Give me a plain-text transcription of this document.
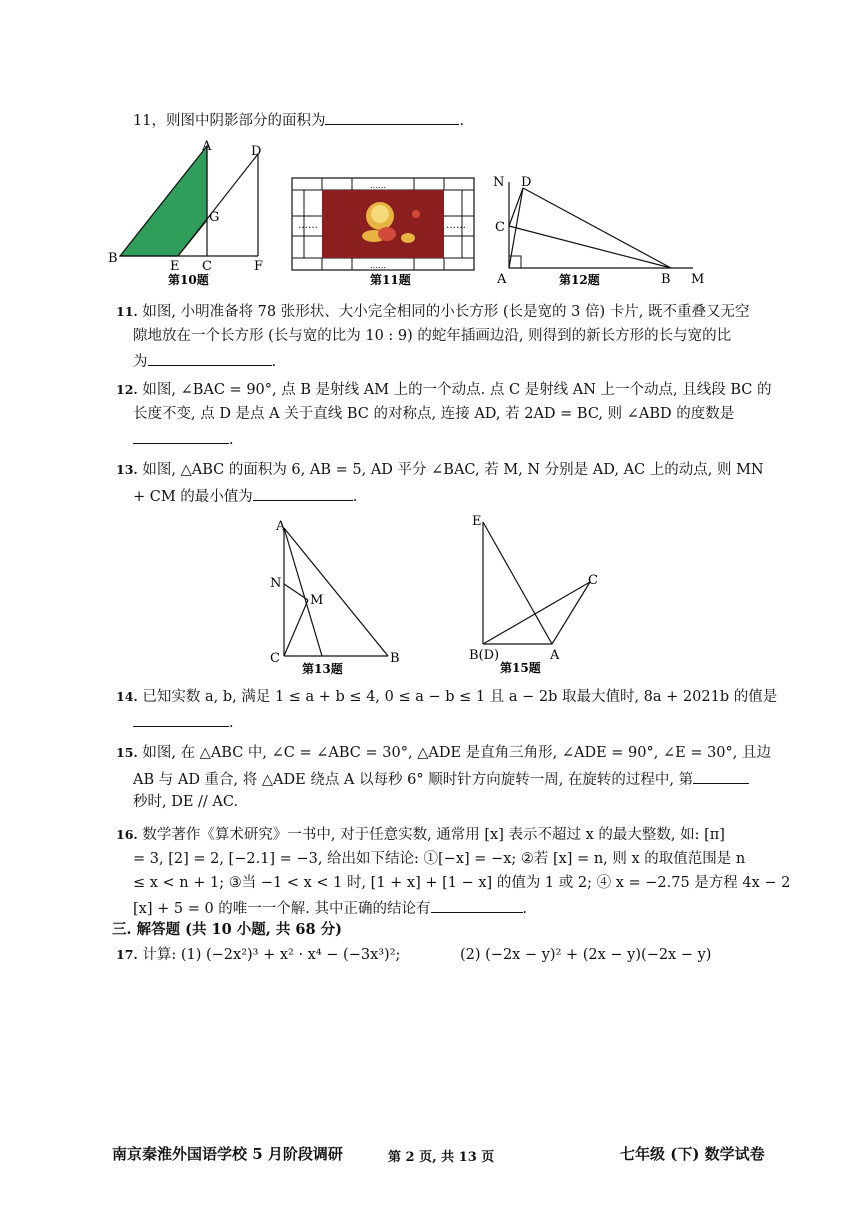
11，则图中阴影部分的面积为	.
A
B
E C
D
F
G
第10题
……
……
……	……
第11题
N D
C
A	B M
第12题
11. 如图, 小明准备将 78 张形状、大小完全相同的小长方形 (长是宽的 3 倍) 卡片, 既不重叠又无空
隙地放在一个长方形 (长与宽的比为 10 : 9) 的蛇年插画边沿, 则得到的新长方形的长与宽的比
为	.
12. 如图, ∠BAC = 90°, 点 B 是射线 AM 上的一个动点. 点 C 是射线 AN 上一个动点, 且线段 BC 的
长度不变, 点 D 是点 A 关于直线 BC 的对称点, 连接 AD, 若 2AD = BC, 则 ∠ABD 的度数是
.
13. 如图, △ABC 的面积为 6, AB = 5, AD 平分 ∠BAC, 若 M, N 分别是 AD, AC 上的动点, 则 MN
+ CM 的最小值为	.
A
N
M
C	B
第13题
E
C
B(D)	A
第15题
14. 已知实数 a, b, 满足 1 ≤ a + b ≤ 4, 0 ≤ a − b ≤ 1 且 a − 2b 取最大值时, 8a + 2021b 的值是
.
15. 如图, 在 △ABC 中, ∠C = ∠ABC = 30°, △ADE 是直角三角形, ∠ADE = 90°, ∠E = 30°, 且边
AB 与 AD 重合, 将 △ADE 绕点 A 以每秒 6° 顺时针方向旋转一周, 在旋转的过程中, 第
秒时, DE // AC.
16. 数学著作《算术研究》一书中, 对于任意实数, 通常用 [x] 表示不超过 x 的最大整数, 如: [π]
= 3, [2] = 2, [−2.1] = −3, 给出如下结论: ①[−x] = −x; ②若 [x] = n, 则 x 的取值范围是 n
≤ x < n + 1; ③当 −1 < x < 1 时, [1 + x] + [1 − x] 的值为 1 或 2; ④ x = −2.75 是方程 4x − 2
[x] + 5 = 0 的唯一一个解. 其中正确的结论有	.
三. 解答题 (共 10 小题, 共 68 分)
17. 计算: (1) (−2x²)³ + x² · x⁴ − (−3x³)²;	(2) (−2x − y)² + (2x − y)(−2x − y)
南京秦淮外国语学校 5 月阶段调研	第 2 页, 共 13 页	七年级 (下) 数学试卷
